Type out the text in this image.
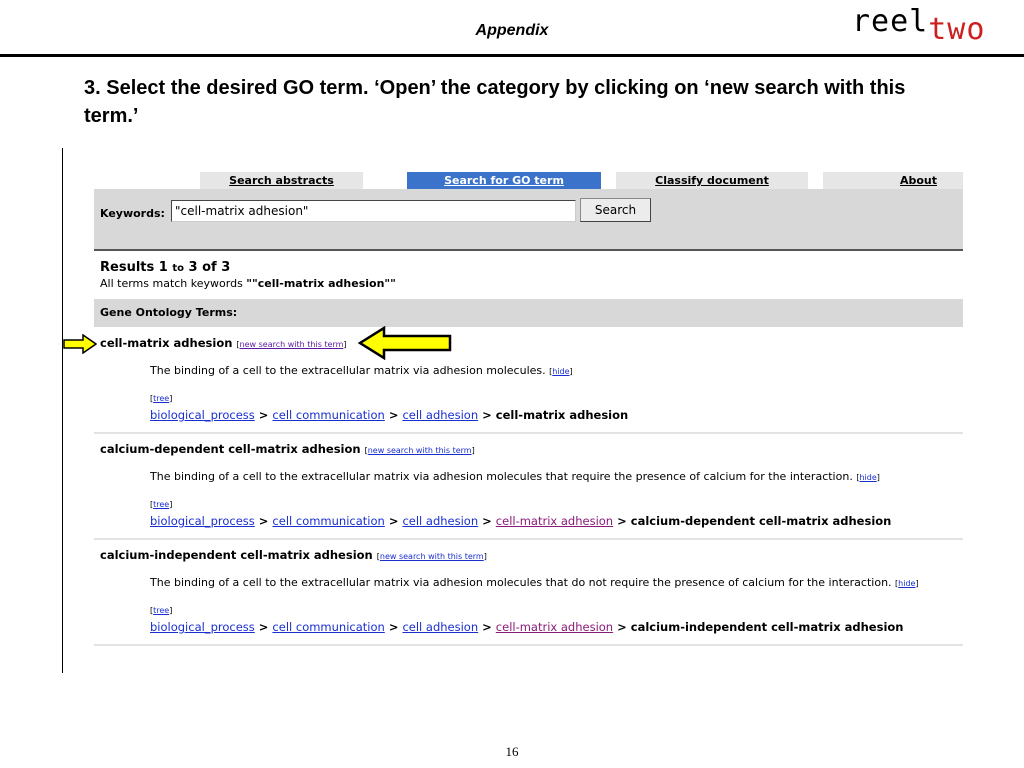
Appendix	reeltwo
3. Select the desired GO term. ‘Open’ the category by clicking on ‘new search with this term.’
Search abstracts	Search for GO term	Classify document	About
Keywords:
"cell-matrix adhesion"	Search
Results 1 to 3 of 3
All terms match keywords ""cell-matrix adhesion""
Gene Ontology Terms:
cell-matrix adhesion [new search with this term]
The binding of a cell to the extracellular matrix via adhesion molecules. [hide]
[tree]
biological_process > cell communication > cell adhesion > cell-matrix adhesion
calcium-dependent cell-matrix adhesion [new search with this term]
The binding of a cell to the extracellular matrix via adhesion molecules that require the presence of calcium for the interaction. [hide]
[tree]
biological_process > cell communication > cell adhesion > cell-matrix adhesion > calcium-dependent cell-matrix adhesion
calcium-independent cell-matrix adhesion [new search with this term]
The binding of a cell to the extracellular matrix via adhesion molecules that do not require the presence of calcium for the interaction. [hide]
[tree]
biological_process > cell communication > cell adhesion > cell-matrix adhesion > calcium-independent cell-matrix adhesion
16
